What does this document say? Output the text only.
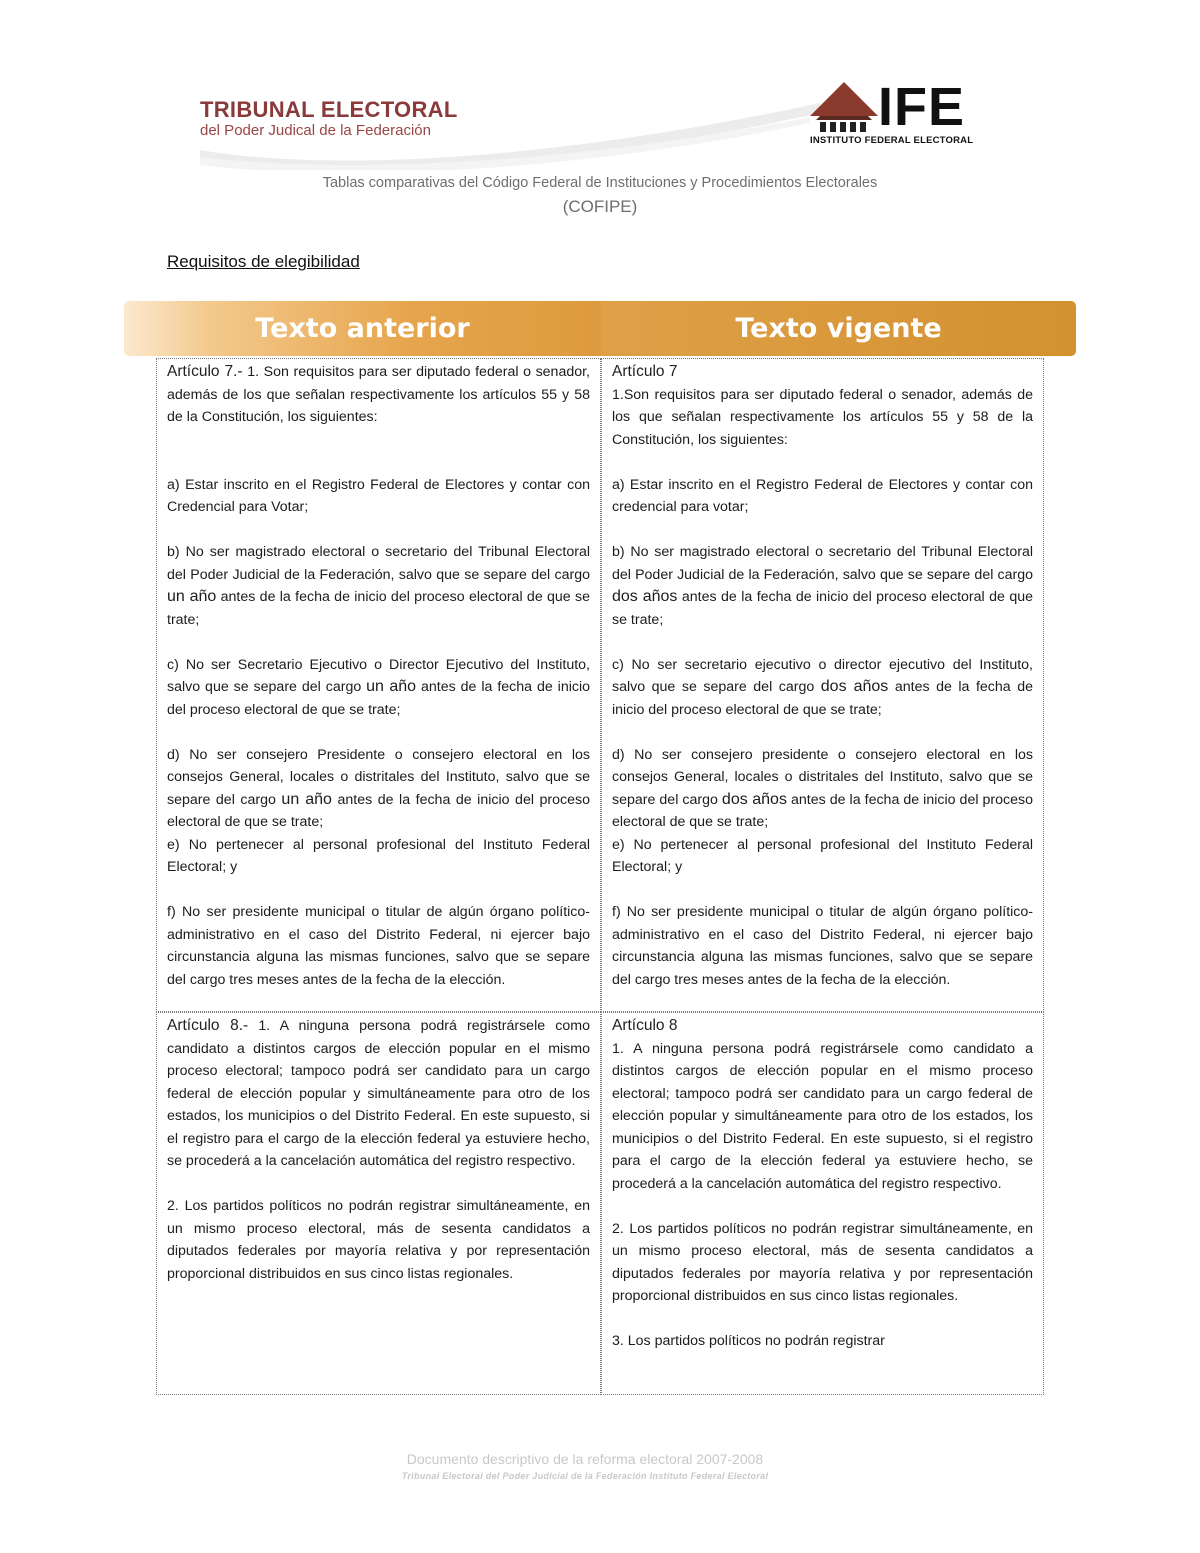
TRIBUNAL ELECTORAL
del Poder Judical de la Federación	IFE
INSTITUTO FEDERAL ELECTORAL
Tablas comparativas del Código Federal de Instituciones y Procedimientos Electorales
(COFIPE)
Requisitos de elegibilidad
Texto anterior	Texto vigente

Artículo 7.- 1. Son requisitos para ser diputado federal o senador, además de los que señalan respectivamente los artículos 55 y 58 de la Constitución, los siguientes:

a) Estar inscrito en el Registro Federal de Electores y contar con Credencial para Votar;

b) No ser magistrado electoral o secretario del Tribunal Electoral del Poder Judicial de la Federación, salvo que se separe del cargo un año antes de la fecha de inicio del proceso electoral de que se trate;

c) No ser Secretario Ejecutivo o Director Ejecutivo del Instituto, salvo que se separe del cargo un año antes de la fecha de inicio del proceso electoral de que se trate;

d) No ser consejero Presidente o consejero electoral en los consejos General, locales o distritales del Instituto, salvo que se separe del cargo un año antes de la fecha de inicio del proceso electoral de que se trate;

e) No pertenecer al personal profesional del Instituto Federal Electoral; y

f) No ser presidente municipal o titular de algún órgano político-administrativo en el caso del Distrito Federal, ni ejercer bajo circunstancia alguna las mismas funciones, salvo que se separe del cargo tres meses antes de la fecha de la elección.

Artículo 7

1.Son requisitos para ser diputado federal o senador, además de los que señalan respectivamente los artículos 55 y 58 de la Constitución, los siguientes:

a) Estar inscrito en el Registro Federal de Electores y contar con credencial para votar;

b) No ser magistrado electoral o secretario del Tribunal Electoral del Poder Judicial de la Federación, salvo que se separe del cargo dos años antes de la fecha de inicio del proceso electoral de que se trate;

c) No ser secretario ejecutivo o director ejecutivo del Instituto, salvo que se separe del cargo dos años antes de la fecha de inicio del proceso electoral de que se trate;

d) No ser consejero presidente o consejero electoral en los consejos General, locales o distritales del Instituto, salvo que se separe del cargo dos años antes de la fecha de inicio del proceso electoral de que se trate;

e) No pertenecer al personal profesional del Instituto Federal Electoral; y

f) No ser presidente municipal o titular de algún órgano político-administrativo en el caso del Distrito Federal, ni ejercer bajo circunstancia alguna las mismas funciones, salvo que se separe del cargo tres meses antes de la fecha de la elección.

Artículo 8.- 1. A ninguna persona podrá registrársele como candidato a distintos cargos de elección popular en el mismo proceso electoral; tampoco podrá ser candidato para un cargo federal de elección popular y simultáneamente para otro de los estados, los municipios o del Distrito Federal. En este supuesto, si el registro para el cargo de la elección federal ya estuviere hecho, se procederá a la cancelación automática del registro respectivo.

2. Los partidos políticos no podrán registrar simultáneamente, en un mismo proceso electoral, más de sesenta candidatos a diputados federales por mayoría relativa y por representación proporcional distribuidos en sus cinco listas regionales.

Artículo 8

1. A ninguna persona podrá registrársele como candidato a distintos cargos de elección popular en el mismo proceso electoral; tampoco podrá ser candidato para un cargo federal de elección popular y simultáneamente para otro de los estados, los municipios o del Distrito Federal. En este supuesto, si el registro para el cargo de la elección federal ya estuviere hecho, se procederá a la cancelación automática del registro respectivo.

2. Los partidos políticos no podrán registrar simultáneamente, en un mismo proceso electoral, más de sesenta candidatos a diputados federales por mayoría relativa y por representación proporcional distribuidos en sus cinco listas regionales.

3. Los partidos políticos no podrán registrar

Documento descriptivo de la reforma electoral 2007-2008
Tribunal Electoral del Poder Judicial de la Federación Instituto Federal Electoral
